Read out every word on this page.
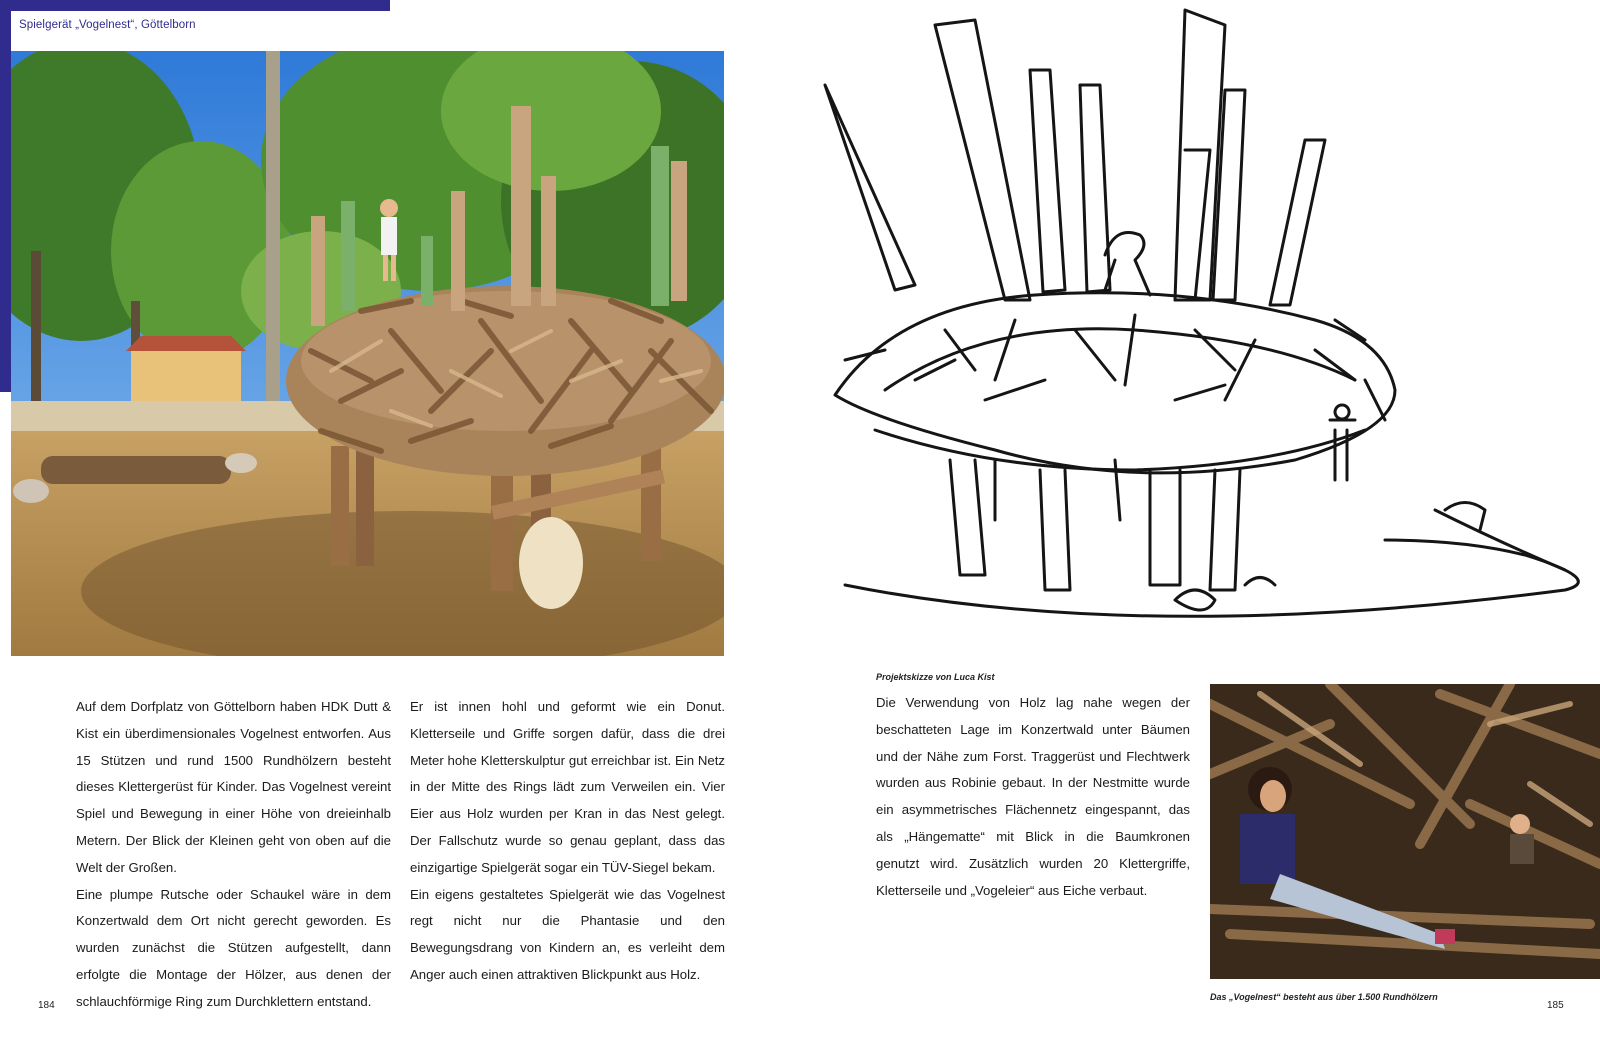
Spielgerät „Vogelnest“, Göttelborn
Projektskizze von Luca Kist
Das „Vogelnest“ besteht aus über 1.500 Rundhölzern

Auf dem Dorfplatz von Göttelborn haben HDK Dutt & Kist ein überdimensionales Vogelnest entworfen. Aus 15 Stützen und rund 1500 Rundhölzern besteht dieses Klettergerüst für Kinder. Das Vogelnest vereint Spiel und Bewegung in einer Höhe von dreieinhalb Metern. Der Blick der Kleinen geht von oben auf die Welt der Großen.

Eine plumpe Rutsche oder Schaukel wäre in dem Konzertwald dem Ort nicht gerecht geworden. Es wurden zunächst die Stützen aufgestellt, dann erfolgte die Montage der Hölzer, aus denen der schlauchförmige Ring zum Durchklettern entstand.

Er ist innen hohl und geformt wie ein Donut. Kletterseile und Griffe sorgen dafür, dass die drei Meter hohe Kletterskulptur gut erreichbar ist. Ein Netz in der Mitte des Rings lädt zum Verweilen ein. Vier Eier aus Holz wurden per Kran in das Nest gelegt. Der Fallschutz wurde so genau geplant, dass das einzigartige Spielgerät sogar ein TÜV-Siegel bekam.

Ein eigens gestaltetes Spielgerät wie das Vogelnest regt nicht nur die Phantasie und den Bewegungsdrang von Kindern an, es verleiht dem Anger auch einen attraktiven Blickpunkt aus Holz.

Die Verwendung von Holz lag nahe wegen der beschatteten Lage im Konzertwald unter Bäumen und der Nähe zum Forst. Traggerüst und Flechtwerk wurden aus Robinie gebaut. In der Nestmitte wurde ein asymmetrisches Flächennetz eingespannt, das als „Hängematte“ mit Blick in die Baumkronen genutzt wird. Zusätzlich wurden 20 Klettergriffe, Kletterseile und „Vogeleier“ aus Eiche verbaut.

184	185
